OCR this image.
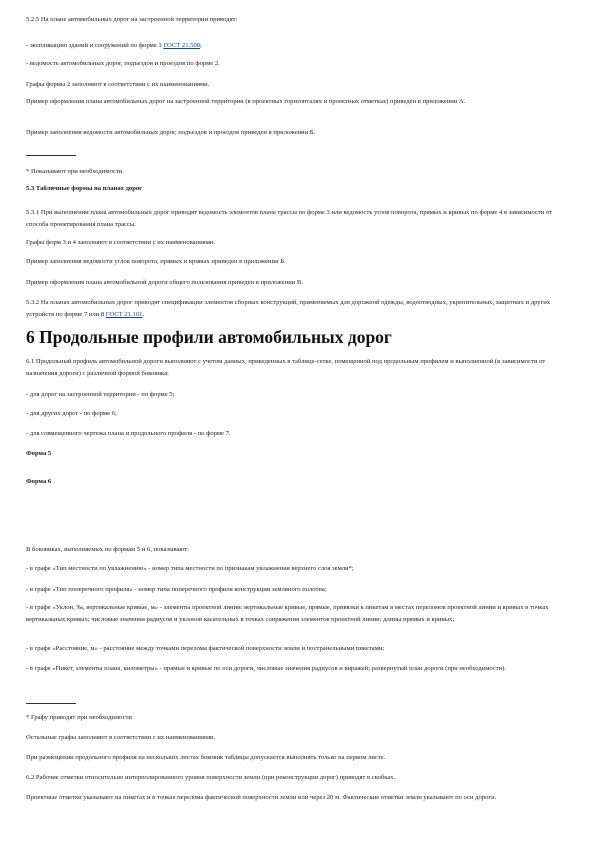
5.2.5 На плане автомобильных дорог на застроенной территории приводят:

- экспликацию зданий и сооружений по форме 3 ГОСТ 21.508;

- ведомость автомобильных дорог, подъездов и проездов по форме 2.

Графы формы 2 заполняют в соответствии с их наименованиями.

Пример оформления плана автомобильных дорог на застроенной территории (в проектных горизонталях и проектных отметках) приведен в приложении А.

Пример заполнения ведомости автомобильных дорог, подъездов и проездов приведен в приложении Б.

* Показывают при необходимости.

5.3 Табличные формы на планах дорог

5.3.1 При выполнении плана автомобильных дорог приводят ведомость элементов плана трассы по форме 3 или ведомость углов поворота, прямых и кривых по форме 4 в зависимости от способа проектирования плана трассы.

Графы форм 3 и 4 заполняют в соответствии с их наименованиями.

Пример заполнения ведомости углов поворота, прямых и кривых приведен в приложении Б.

Пример оформления плана автомобильной дороги общего пользования приведен в приложении В.

5.3.2 На планах автомобильных дорог приводят спецификации элементов сборных конструкций, применяемых для дорожной одежды, водоотводных, укрепительных, защитных и других устройств по форме 7 или 8 ГОСТ 21.101.

6 Продольные профили автомобильных дорог

6.1 Продольный профиль автомобильной дороги выполняют с учетом данных, приведенных в таблице-сетке, помещенной под продольным профилем и выполненной (в зависимости от назначения дороги) с различной формой боковика:

- для дорог на застроенной территории - по форме 5;

- для других дорог - по форме 6;

- для совмещенного чертежа плана и продольного профиля - по форме 7.

Форма 5

Форма 6

В боковиках, выполняемых по формам 5 и 6, показывают:

- в графе «Тип местности по увлажнению» - номер типа местности по признакам увлажнения верхнего слоя земли*;

- в графе «Тип поперечного профиля» - номер типа поперечного профиля конструкции земляного полотна;

- в графе «Уклон, ‰, вертикальные кривые, м» - элементы проектной линии: вертикальные кривые, прямые, привязки к пикетам в местах переломов проектной линии и кривых в точках вертикальных кривых; числовые значения радиусов и уклонов касательных в точках сопряжения элементов проектной линии; длины прямых и кривых;

- в графе «Расстояние, м» - расстояние между точками перелома фактической поверхности земли и постранельными пикетами;

- в графе «Пикет, элементы плана, километры» - прямые и кривые по оси дороги, числовые значения радиусов и виражей; развернутый план дороги (при необходимости).

* Графу приводят при необходимости

Остальные графы заполняют в соответствии с их наименованиями.

При размещении продольного профиля на нескольких листах боковик таблицы допускается выполнять только на первом листе.

6.2 Рабочие отметки относительно интерполированного уровня поверхности земли (при реконструкции дорог) приводят в скобках.

Проектные отметки указывают на пикетах и в точках перелома фактической поверхности земли или через 20 м. Фактические отметки земли указывают по оси дороги.
